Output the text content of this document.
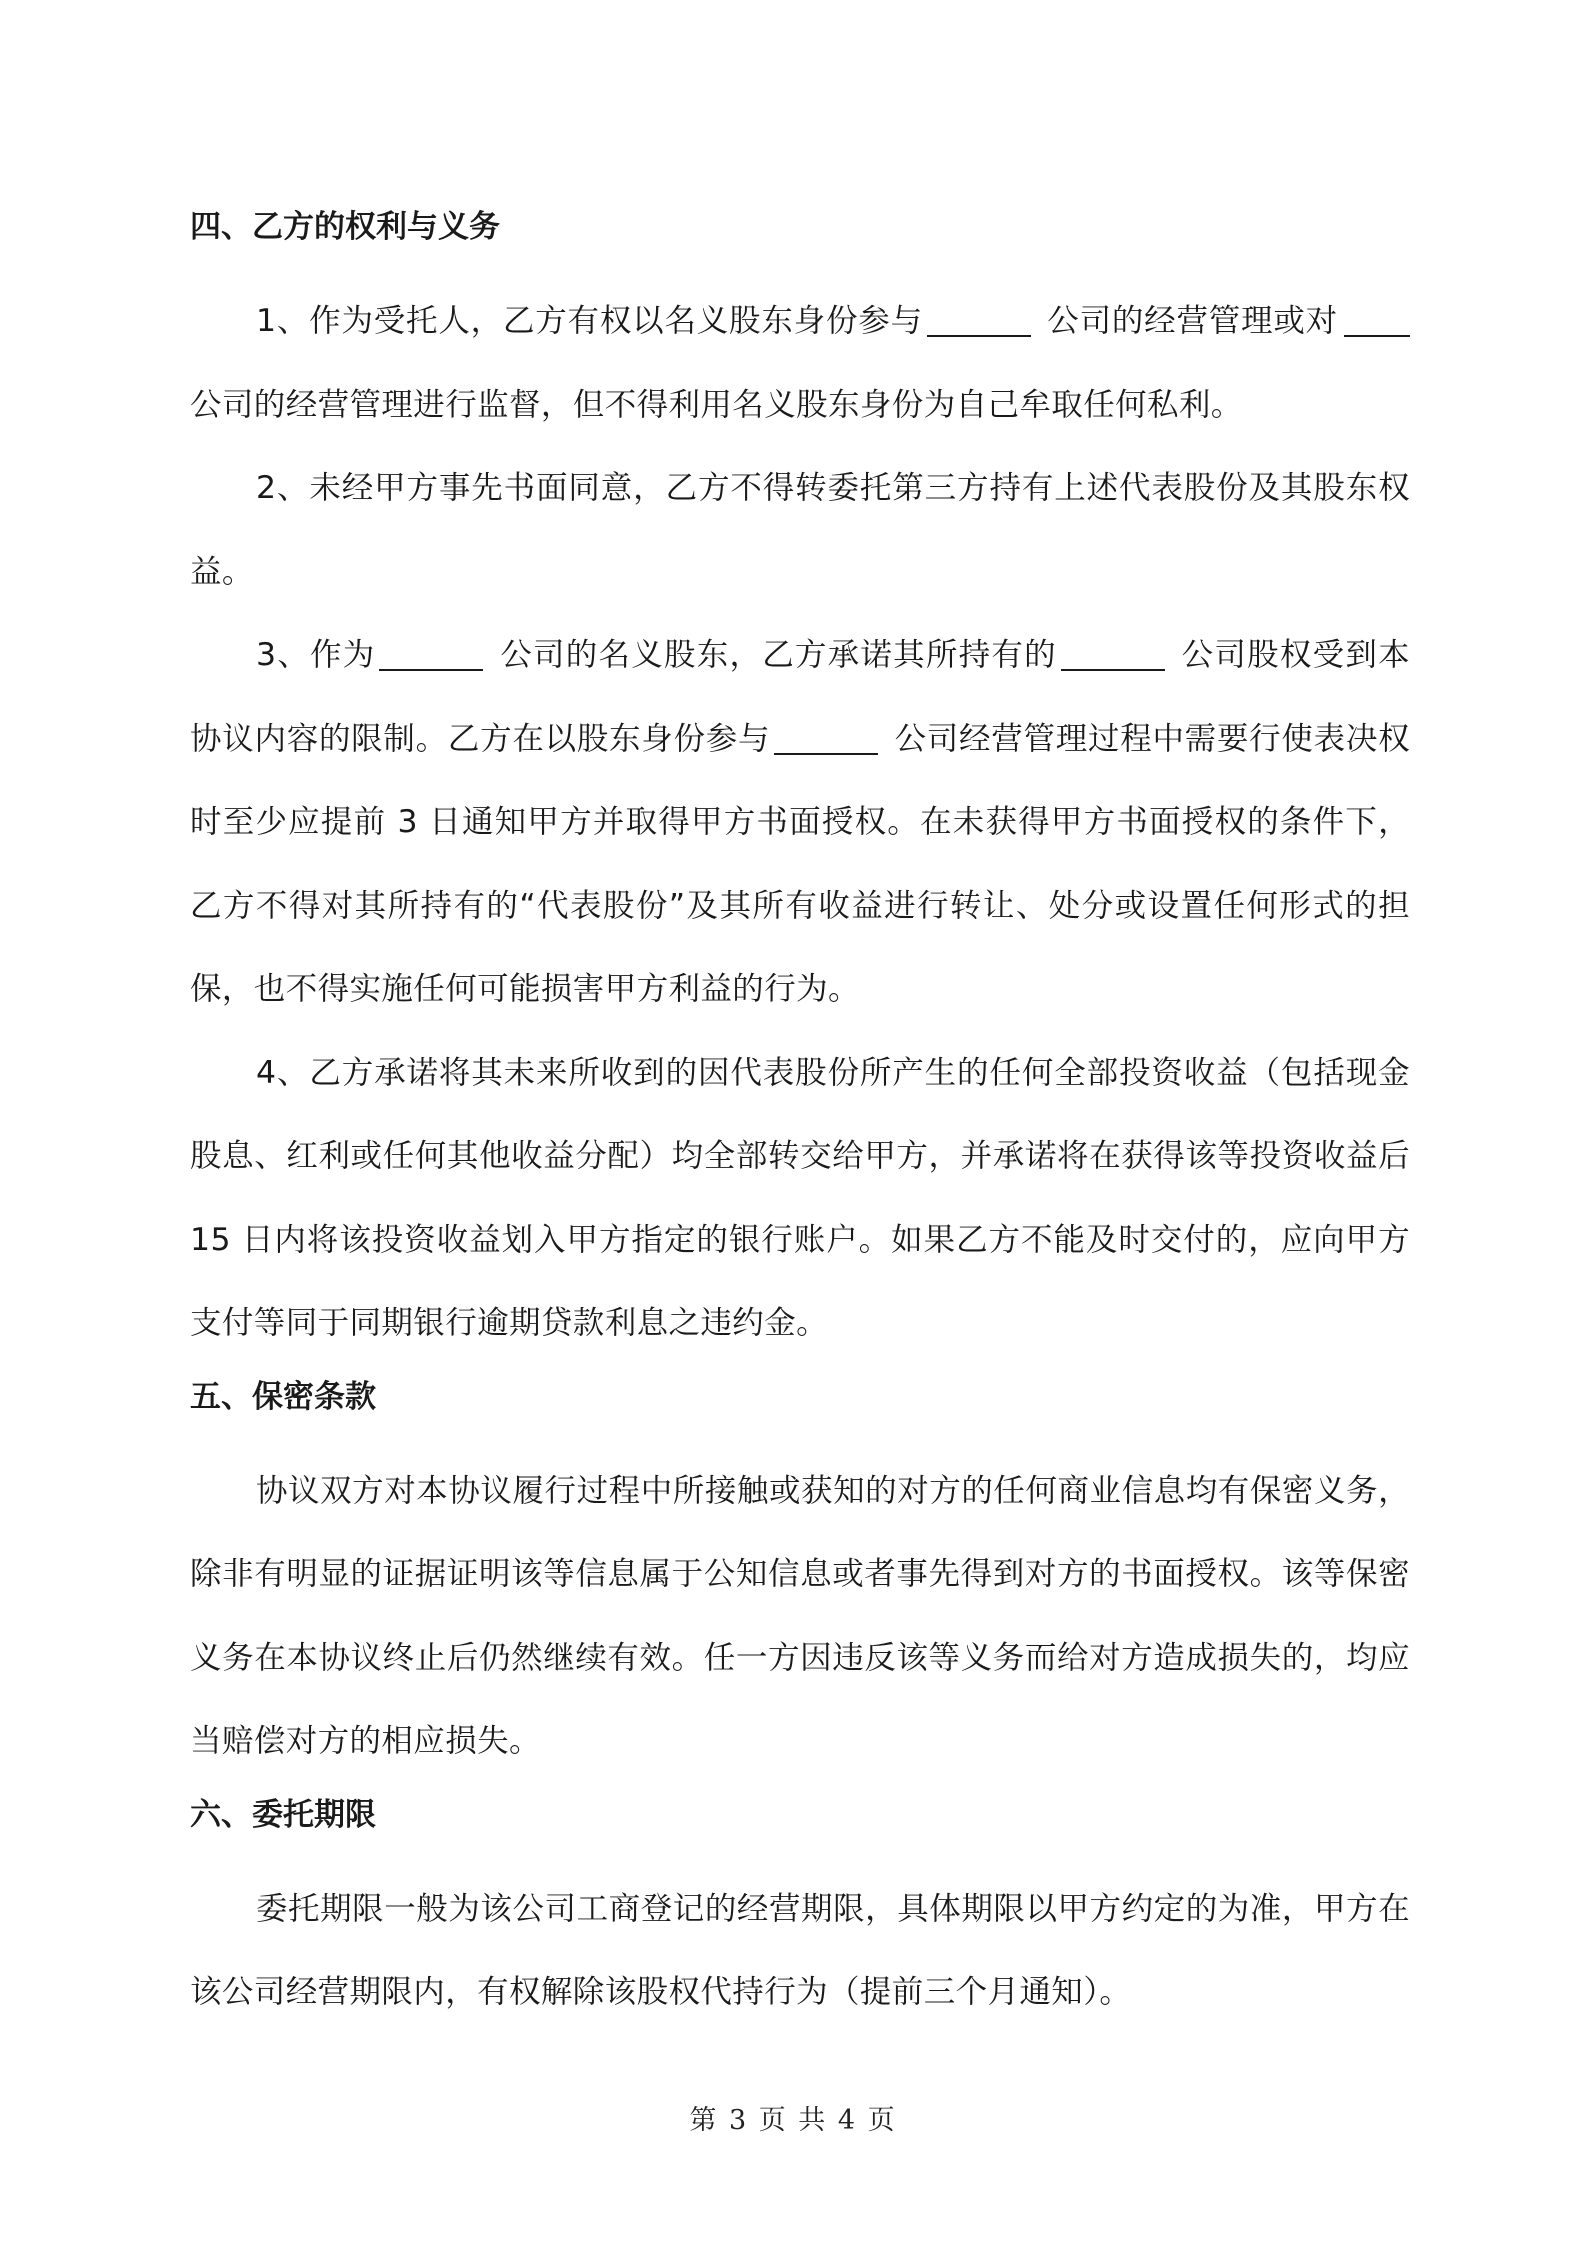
四、乙方的权利与义务

1、作为受托人，乙方有权以名义股东身份参与	公司的经营管理或对公司的经营管理进行监督，但不得利用名义股东身份为自己牟取任何私利。

2、未经甲方事先书面同意，乙方不得转委托第三方持有上述代表股份及其股东权益。

3、作为	公司的名义股东，乙方承诺其所持有的	公司股权受到本协议内容的限制。乙方在以股东身份参与	公司经营管理过程中需要行使表决权时至少应提前 3 日通知甲方并取得甲方书面授权。在未获得甲方书面授权的条件下，乙方不得对其所持有的“代表股份”及其所有收益进行转让、处分或设置任何形式的担保，也不得实施任何可能损害甲方利益的行为。

4、乙方承诺将其未来所收到的因代表股份所产生的任何全部投资收益（包括现金股息、红利或任何其他收益分配）均全部转交给甲方，并承诺将在获得该等投资收益后 15 日内将该投资收益划入甲方指定的银行账户。如果乙方不能及时交付的，应向甲方支付等同于同期银行逾期贷款利息之违约金。

五、保密条款

协议双方对本协议履行过程中所接触或获知的对方的任何商业信息均有保密义务，除非有明显的证据证明该等信息属于公知信息或者事先得到对方的书面授权。该等保密义务在本协议终止后仍然继续有效。任一方因违反该等义务而给对方造成损失的，均应当赔偿对方的相应损失。

六、委托期限

委托期限一般为该公司工商登记的经营期限，具体期限以甲方约定的为准，甲方在该公司经营期限内，有权解除该股权代持行为（提前三个月通知）。

第 3 页 共 4 页
